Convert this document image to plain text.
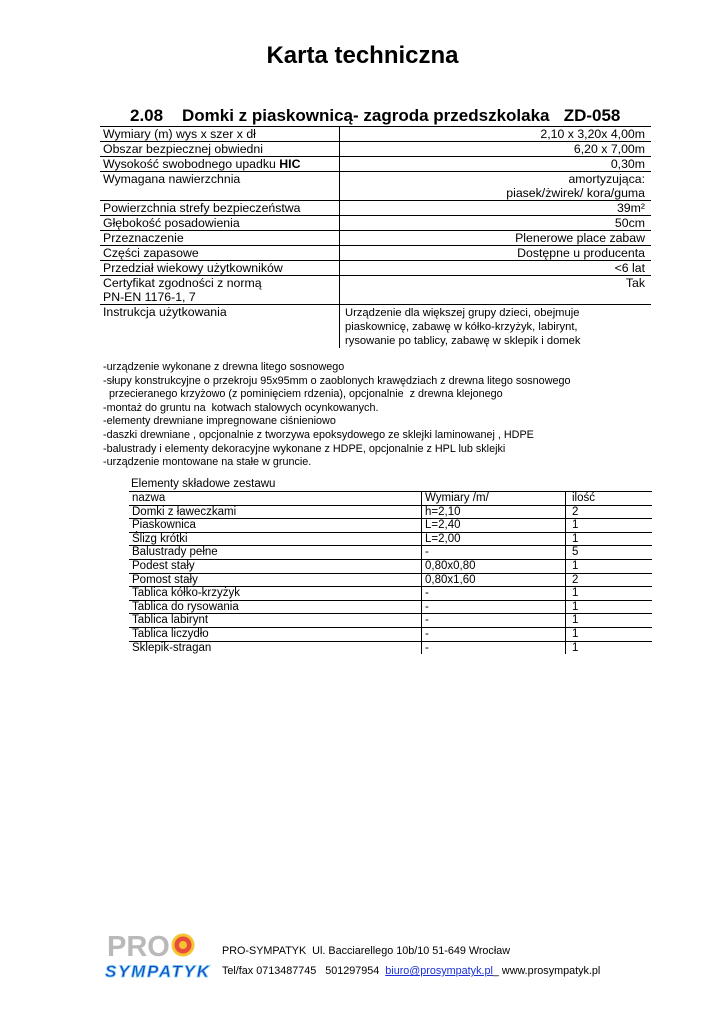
Karta techniczna
2.08 Domki z piaskownicą- zagroda przedszkolaka ZD-058
Wymiary (m) wys x szer x dł	2,10 x 3,20x 4,00m
Obszar bezpiecznej obwiedni	6,20 x 7,00m
Wysokość swobodnego upadku HIC	0,30m
Wymagana nawierzchnia	amortyzująca:
piasek/żwirek/ kora/guma

Powierzchnia strefy bezpieczeństwa	39m²
Głębokość posadowienia	50cm
Przeznaczenie	Plenerowe place zabaw
Części zapasowe	Dostępne u producenta
Przedział wiekowy użytkowników	<6 lat

Certyfikat zgodności z normą
PN-EN 1176-1, 7	Tak
Instrukcja użytkowania	Urządzenie dla większej grupy dzieci, obejmuje
piaskownicę, zabawę w kółko-krzyżyk, labirynt,
rysowanie po tablicy, zabawę w sklepik i domek
-urządzenie wykonane z drewna litego sosnowego
-słupy konstrukcyjne o przekroju 95x95mm o zaoblonych krawędziach z drewna litego sosnowego
przecieranego krzyżowo (z pominięciem rdzenia), opcjonalnie  z drewna klejonego
-montaż do gruntu na  kotwach stalowych ocynkowanych.
-elementy drewniane impregnowane ciśnieniowo
-daszki drewniane , opcjonalnie z tworzywa epoksydowego ze sklejki laminowanej , HDPE
-balustrady i elementy dekoracyjne wykonane z HDPE, opcjonalnie z HPL lub sklejki
-urządzenie montowane na stałe w gruncie.
Elementy składowe zestawu
nazwa	Wymiary /m/	ilość
Domki z ławeczkami	h=2,10	2
Piaskownica	L=2,40	1
Ślizg krótki	L=2,00	1
Balustrady pełne	-	5
Podest stały	0,80x0,80	1
Pomost stały	0,80x1,60	2
Tablica kółko-krzyżyk	-	1
Tablica do rysowania	-	1
Tablica labirynt	-	1
Tablica liczydło	-	1
Sklepik-stragan	-	1
PRO
SYMPATYK
PRO-SYMPATYK  Ul. Bacciarellego 10b/10 51-649 Wrocław
Tel/fax 0713487745   501297954  biuro@prosympatyk.pl_ www.prosympatyk.pl
